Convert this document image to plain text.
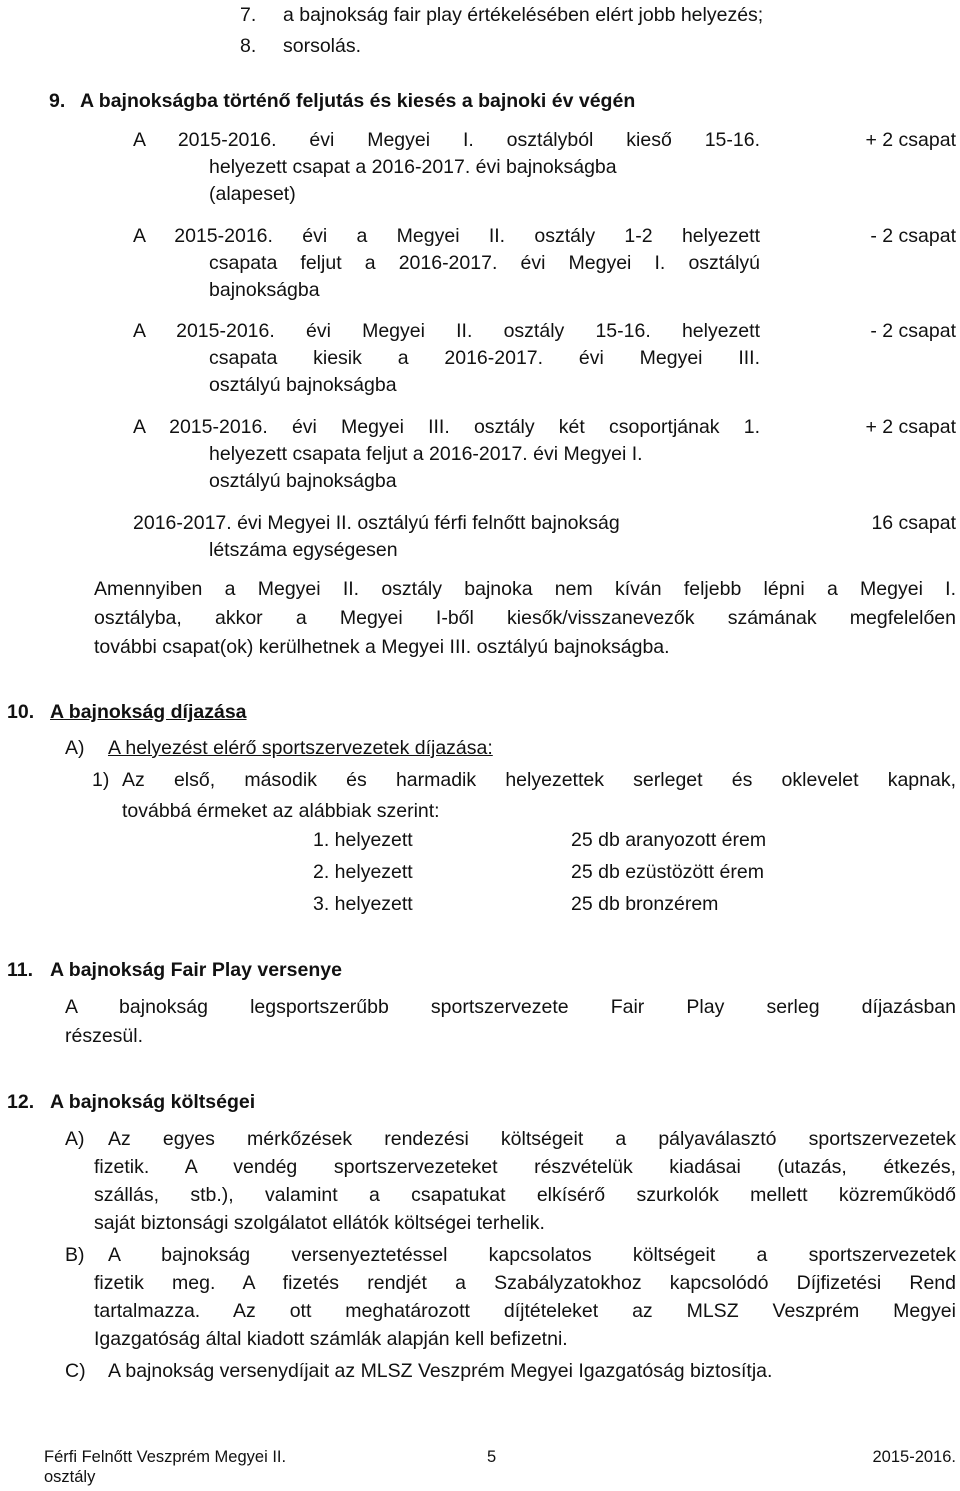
7. a bajnokság fair play értékelésében elért jobb helyezés;
8. sorsolás.
9. A bajnokságba történő feljutás és kiesés a bajnoki év végén
A 2015-2016. évi Megyei I. osztályból kieső 15-16.
helyezett csapat a 2016-2017. évi bajnokságba
(alapeset)
+ 2 csapat
A 2015-2016. évi a Megyei II. osztály 1-2 helyezett
csapata feljut a 2016-2017. évi Megyei I. osztályú
bajnokságba
- 2 csapat
A 2015-2016. évi Megyei II. osztály 15-16. helyezett
csapata kiesik a 2016-2017. évi Megyei III.
osztályú bajnokságba
- 2 csapat
A 2015-2016. évi Megyei III. osztály két csoportjának 1.
helyezett csapata feljut a 2016-2017. évi Megyei I.
osztályú bajnokságba
+ 2 csapat
2016-2017. évi Megyei II. osztályú férfi felnőtt bajnokság
létszáma egységesen
16 csapat
Amennyiben a Megyei II. osztály bajnoka nem kíván feljebb lépni a Megyei I.
osztályba, akkor a Megyei I-ből kiesők/visszanevezők számának megfelelően
további csapat(ok) kerülhetnek a Megyei III. osztályú bajnokságba.
10. A bajnokság díjazása
A) A helyezést elérő sportszervezetek díjazása:
1) Az első, második és harmadik helyezettek serleget és oklevelet kapnak,
továbbá érmeket az alábbiak szerint:
1. helyezett	25 db aranyozott érem
2. helyezett	25 db ezüstözött érem
3. helyezett	25 db bronzérem
11. A bajnokság Fair Play versenye
A bajnokság legsportszerűbb sportszervezete Fair Play serleg díjazásban
részesül.
12. A bajnokság költségei
A) Az egyes mérkőzések rendezési költségeit a pályaválasztó sportszervezetek
fizetik. A vendég sportszervezeteket részvételük kiadásai (utazás, étkezés,
szállás, stb.), valamint a csapatukat elkísérő szurkolók mellett közreműködő
saját biztonsági szolgálatot ellátók költségei terhelik.
B) A bajnokság versenyeztetéssel kapcsolatos költségeit a sportszervezetek
fizetik meg. A fizetés rendjét a Szabályzatokhoz kapcsolódó Díjfizetési Rend
tartalmazza. Az ott meghatározott díjtételeket az MLSZ Veszprém Megyei
Igazgatóság által kiadott számlák alapján kell befizetni.
C) A bajnokság versenydíjait az MLSZ Veszprém Megyei Igazgatóság biztosítja.
Férfi Felnőtt Veszprém Megyei II.
osztály
5	2015-2016.
